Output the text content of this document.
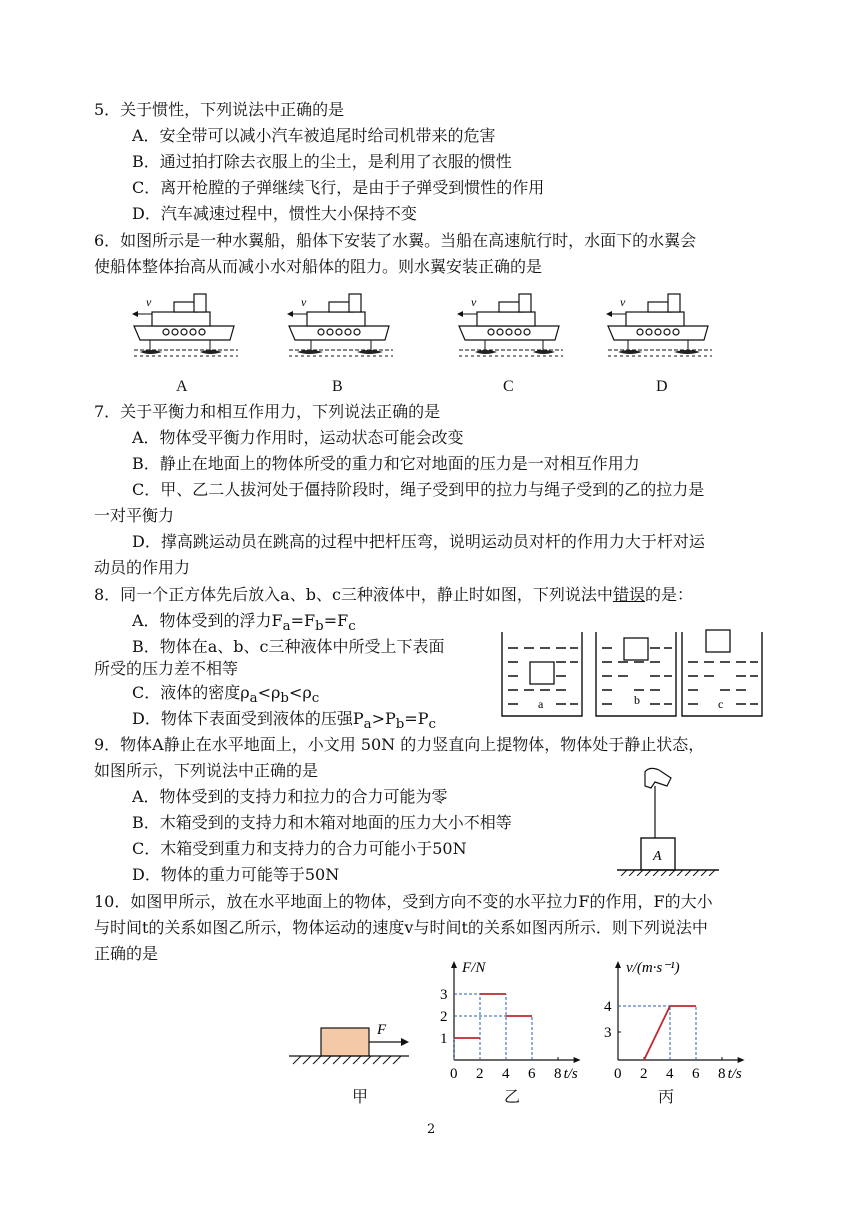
5．关于惯性，下列说法中正确的是
A．安全带可以减小汽车被追尾时给司机带来的危害
B．通过拍打除去衣服上的尘土，是利用了衣服的惯性
C．离开枪膛的子弹继续飞行，是由于子弹受到惯性的作用
D．汽车减速过程中，惯性大小保持不变
6．如图所示是一种水翼船，船体下安装了水翼。当船在高速航行时，水面下的水翼会
使船体整体抬高从而减小水对船体的阻力。则水翼安装正确的是
v
A
v
B
v
C
v
D
7．关于平衡力和相互作用力，下列说法正确的是
A．物体受平衡力作用时，运动状态可能会改变
B．静止在地面上的物体所受的重力和它对地面的压力是一对相互作用力
C．甲、乙二人拔河处于僵持阶段时，绳子受到甲的拉力与绳子受到的乙的拉力是
一对平衡力
D．撑高跳运动员在跳高的过程中把杆压弯，说明运动员对杆的作用力大于杆对运
动员的作用力
8．同一个正方体先后放入a、b、c三种液体中，静止时如图，下列说法中错误的是：
A．物体受到的浮力$F_a=F_b=F_c$
B．物体在a、b、c三种液体中所受上下表面
所受的压力差不相等
C．液体的密度$\rho_a<\rho_b<\rho_c$
D．物体下表面受到液体的压强$P_a>P_b=P_c$
a	b	c
9．物体A静止在水平地面上，小文用 50N 的力竖直向上提物体，物体处于静止状态，
如图所示，下列说法中正确的是
A．物体受到的支持力和拉力的合力可能为零
B．木箱受到的支持力和木箱对地面的压力大小不相等
C．木箱受到重力和支持力的合力可能小于50N
D．物体的重力可能等于50N
A
10．如图甲所示，放在水平地面上的物体，受到方向不变的水平拉力F的作用，F的大小
与时间t的关系如图乙所示，物体运动的速度v与时间t的关系如图丙所示．则下列说法中
正确的是
F
甲
0 2 4 6 8
1
2
3
t/s
F/N
乙
0 2 4 6 8
3
4
t/s
v/(m·s⁻¹)
丙
2
